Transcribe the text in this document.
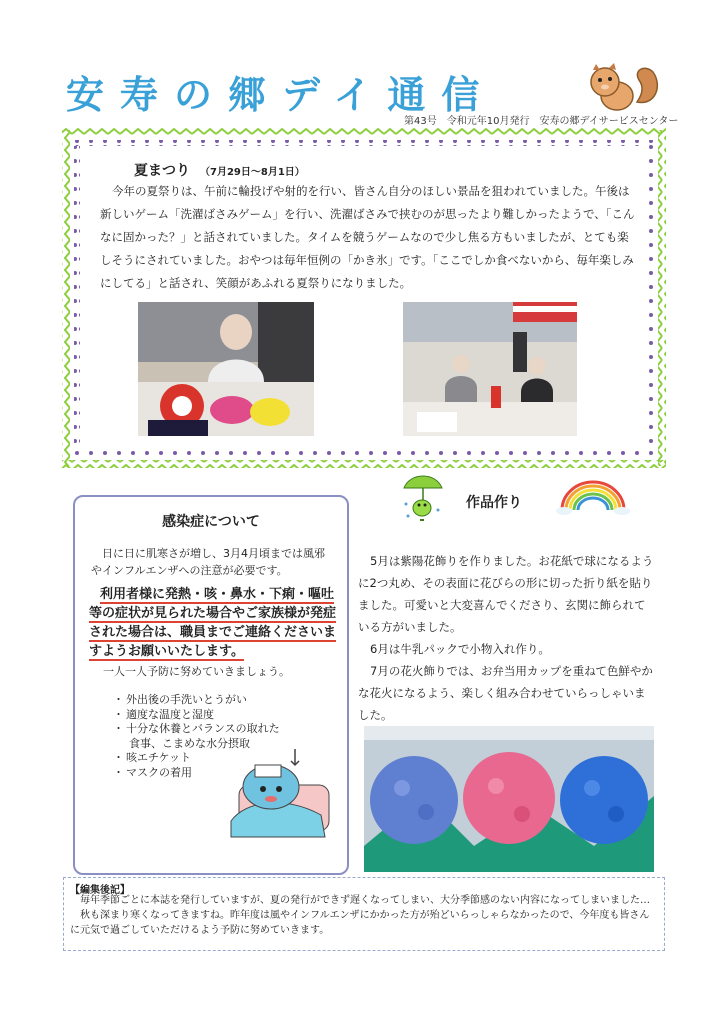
安寿の郷デイ通信
第43号　令和元年10月発行　安寿の郷デイサービスセンター
夏まつり （7月29日～8月1日）
今年の夏祭りは、午前に輪投げや射的を行い、皆さん自分のほしい景品を狙われていました。午後は新しいゲーム「洗濯ばさみゲーム」を行い、洗濯ばさみで挟むのが思ったより難しかったようで、「こんなに固かった？」と話されていました。タイムを競うゲームなので少し焦る方もいましたが、とても楽しそうにされていました。おやつは毎年恒例の「かき氷」です。「ここでしか食べないから、毎年楽しみにしてる」と話され、笑顔があふれる夏祭りになりました。
感染症について
日に日に肌寒さが増し、3月4月頃までは風邪やインフルエンザへの注意が必要です。
利用者様に発熱・咳・鼻水・下痢・嘔吐等の症状が見られた場合やご家族様が発症された場合は、職員までご連絡くださいますようお願いいたします。
一人一人予防に努めていきましょう。
・ 外出後の手洗いとうがい
・ 適度な温度と湿度
・ 十分な休養とバランスの取れた
食事、こまめな水分摂取
・ 咳エチケット
・ マスクの着用
作品作り

5月は紫陽花飾りを作りました。お花紙で球になるように2つ丸め、その表面に花びらの形に切った折り紙を貼りました。可愛いと大変喜んでくださり、玄関に飾られている方がいました。

6月は牛乳パックで小物入れ作り。

7月の花火飾りでは、お弁当用カップを重ねて色鮮やかな花火になるよう、楽しく組み合わせていらっしゃいました。

【編集後記】

毎年季節ごとに本誌を発行していますが、夏の発行ができず遅くなってしまい、大分季節感のない内容になってしまいました…

秋も深まり寒くなってきますね。昨年度は風やインフルエンザにかかった方が殆どいらっしゃらなかったので、今年度も皆さんに元気で過ごしていただけるよう予防に努めていきます。
